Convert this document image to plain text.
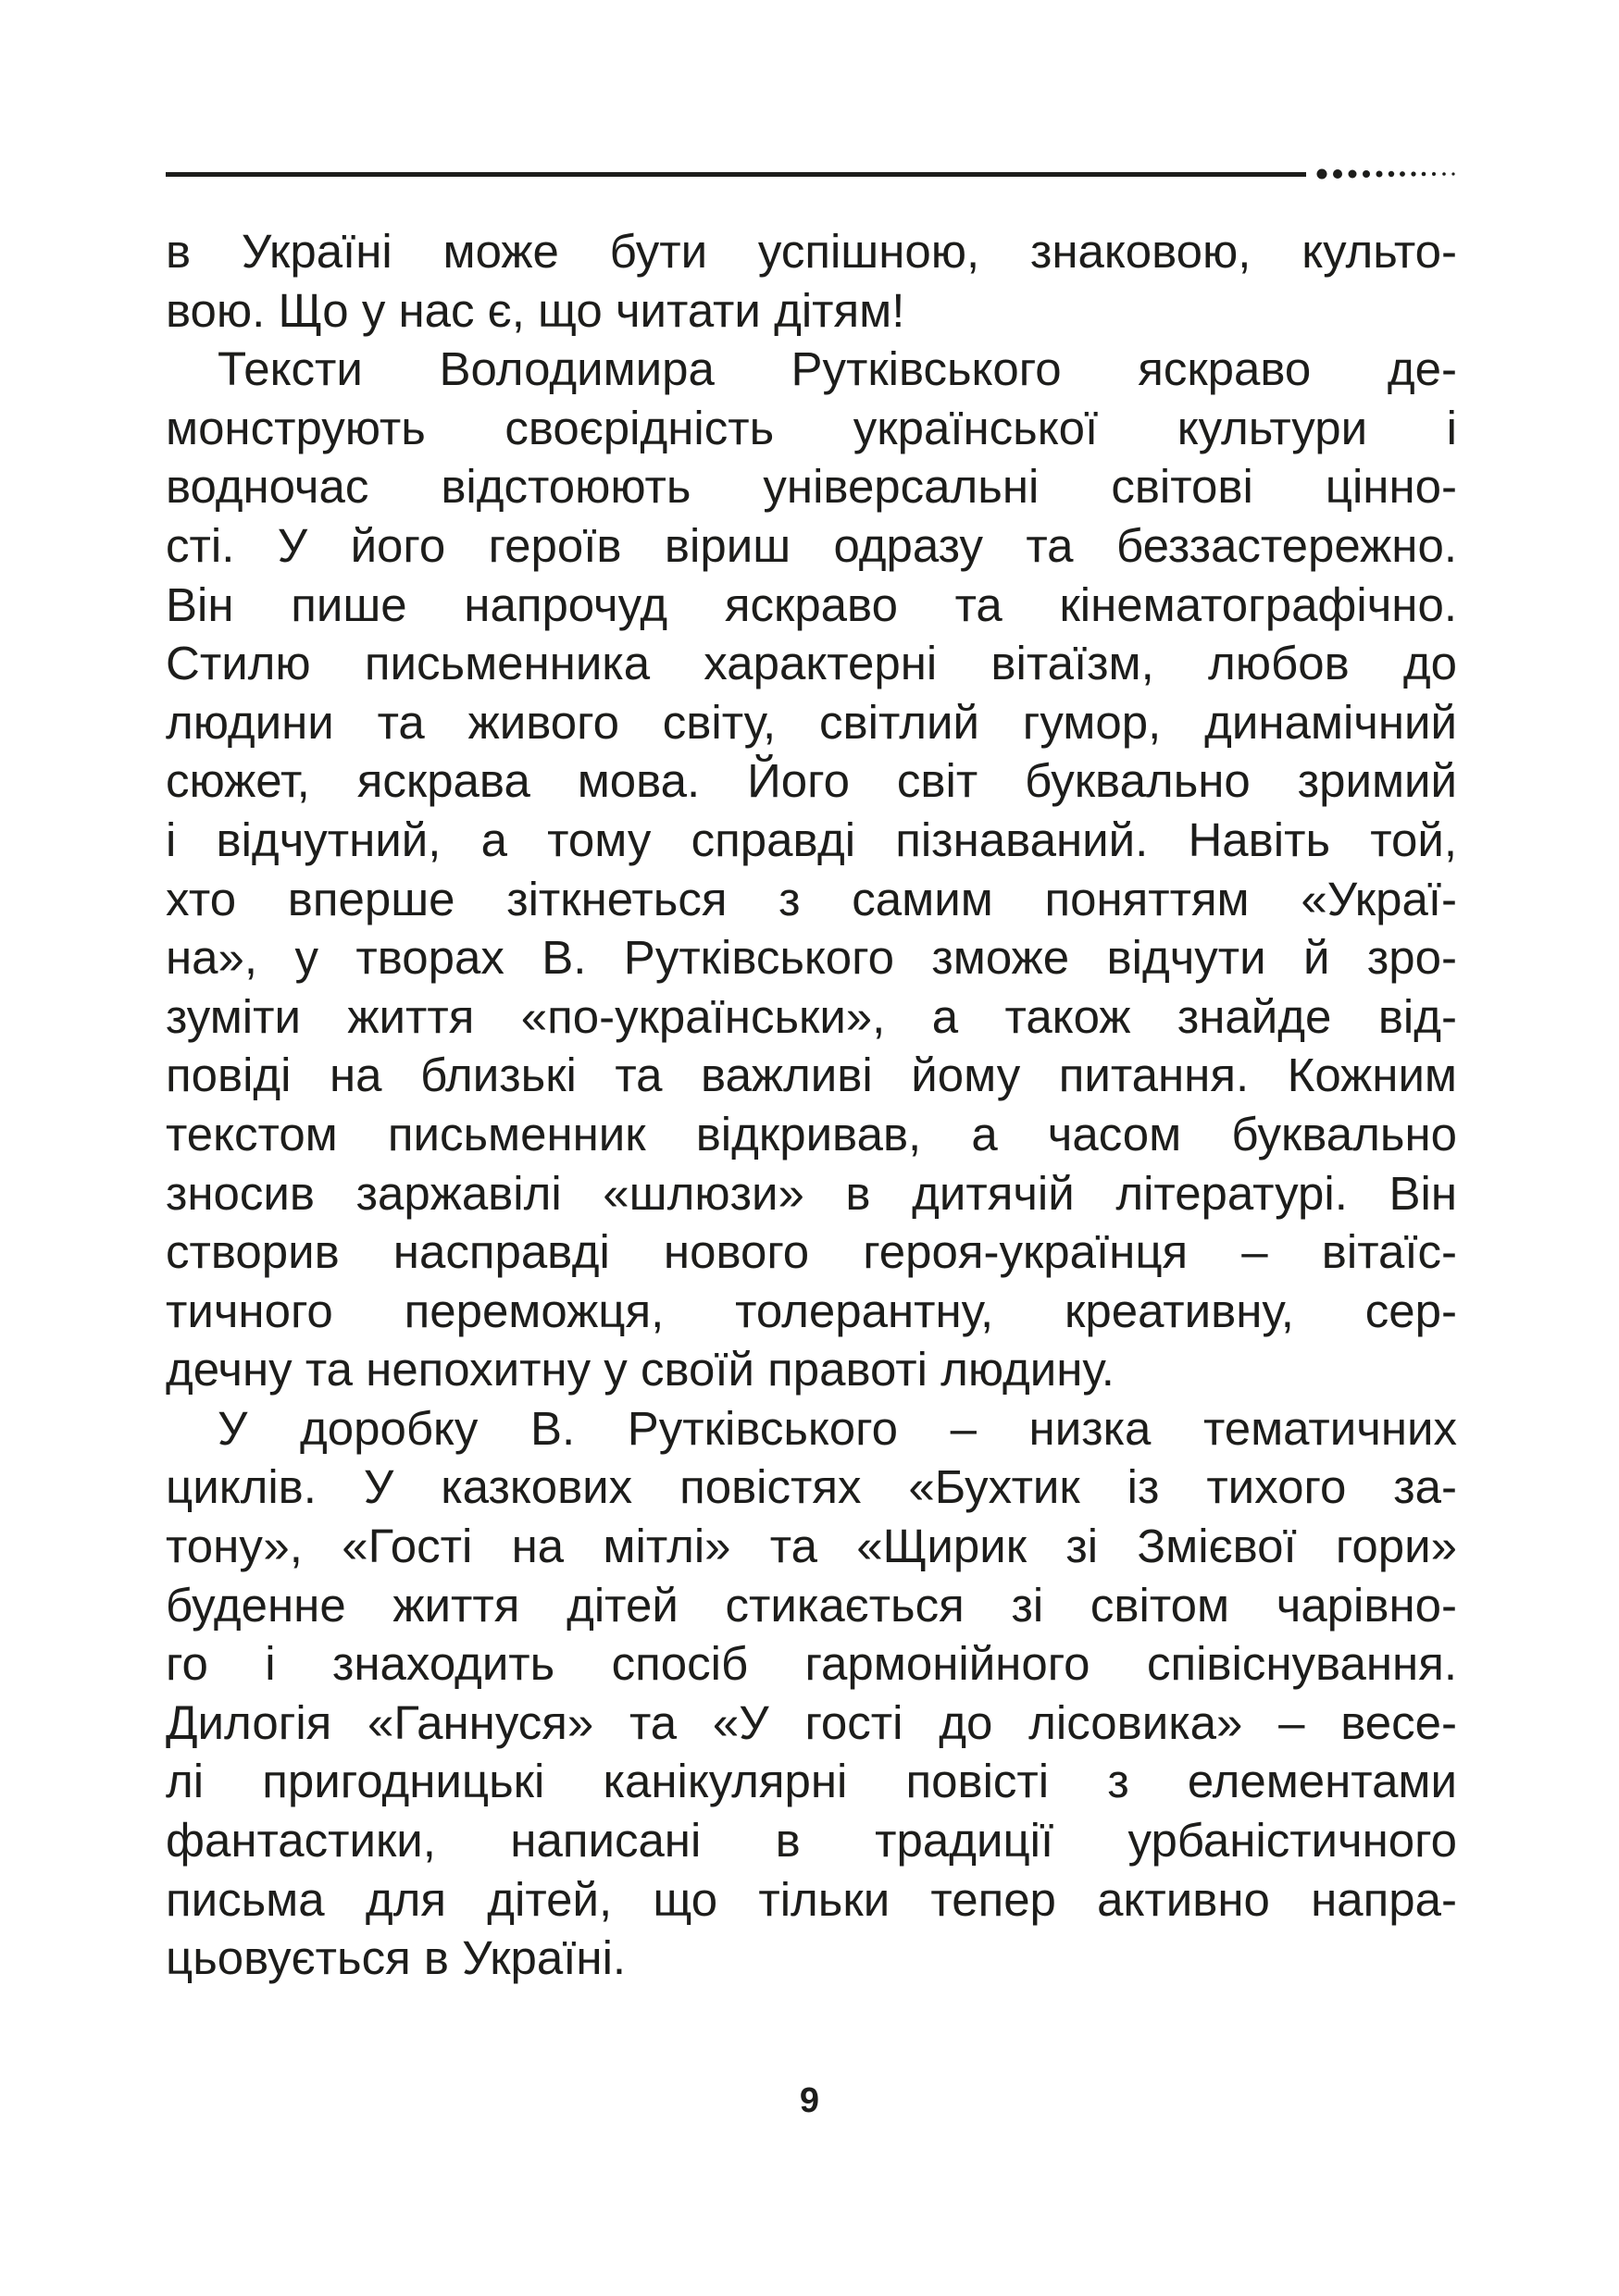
в Україні може бути успішною, знаковою, культо-
вою. Що у нас є, що читати дітям!
Тексти Володимира Рутківського яскраво де-
монструють своєрідність української культури і
водночас відстоюють універсальні світові цінно-
сті. У його героїв віриш одразу та беззастережно.
Він пише напрочуд яскраво та кінематографічно.
Стилю письменника характерні вітаїзм, любов до
людини та живого світу, світлий гумор, динамічний
сюжет, яскрава мова. Його світ буквально зримий
і відчутний, а тому справді пізнаваний. Навіть той,
хто вперше зіткнеться з самим поняттям «Украї-
на», у творах В. Рутківського зможе відчути й зро-
зуміти життя «по-українськи», а також знайде від-
повіді на близькі та важливі йому питання. Кожним
текстом письменник відкривав, а часом буквально
зносив заржавілі «шлюзи» в дитячій літературі. Він
створив насправді нового героя-українця – вітаїс-
тичного переможця, толерантну, креативну, сер-
дечну та непохитну у своїй правоті людину.
У доробку В. Рутківського – низка тематичних
циклів. У казкових повістях «Бухтик із тихого за-
тону», «Гості на мітлі» та «Щирик зі Змієвої гори»
буденне життя дітей стикається зі світом чарівно-
го і знаходить спосіб гармонійного співіснування.
Дилогія «Ганнуся» та «У гості до лісовика» – весе-
лі пригодницькі канікулярні повісті з елементами
фантастики, написані в традиції урбаністичного
письма для дітей, що тільки тепер активно напра-
цьовується в Україні.
9
